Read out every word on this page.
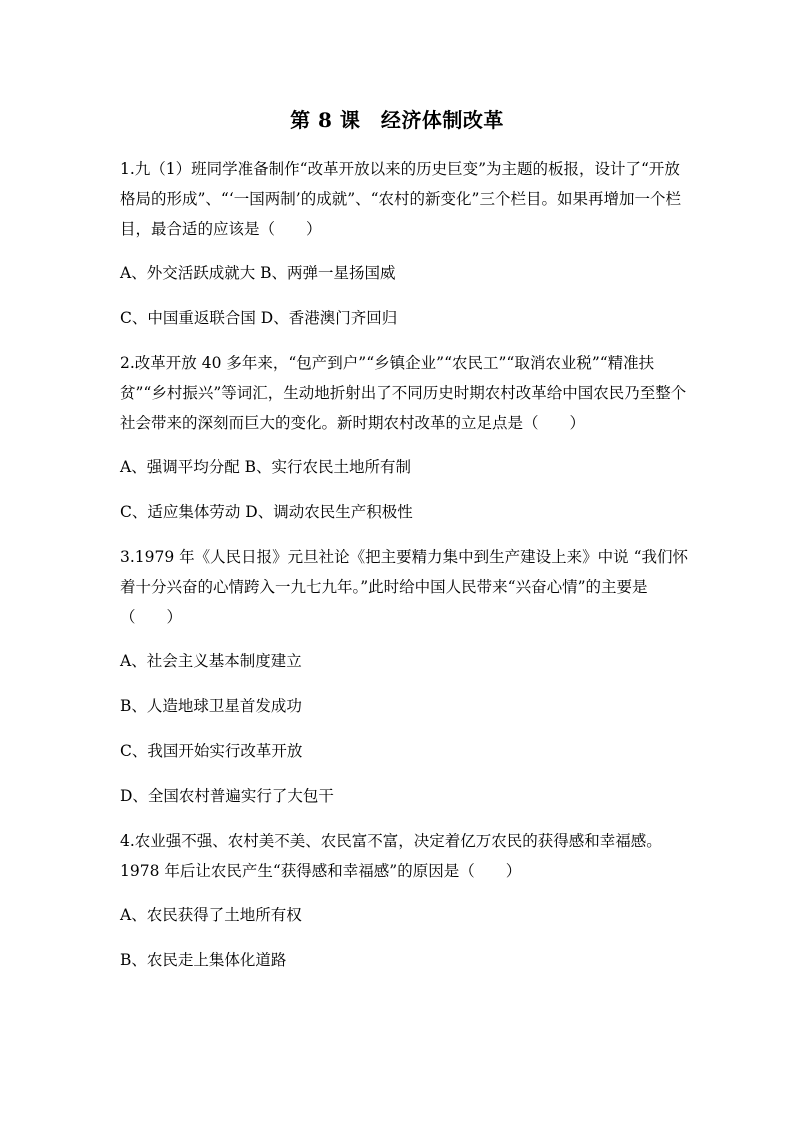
第 8 课　经济体制改革
1.九（1）班同学准备制作“改革开放以来的历史巨变”为主题的板报，设计了“开放格局的形成”、“‘一国两制’的成就”、“农村的新变化”三个栏目。如果再增加一个栏目，最合适的应该是（　　）
A、外交活跃成就大 B、两弹一星扬国威
C、中国重返联合国 D、香港澳门齐回归
2.改革开放 40 多年来，“包产到户”“乡镇企业”“农民工”“取消农业税”“精准扶贫”“乡村振兴”等词汇，生动地折射出了不同历史时期农村改革给中国农民乃至整个社会带来的深刻而巨大的变化。新时期农村改革的立足点是（　　）
A、强调平均分配 B、实行农民土地所有制
C、适应集体劳动 D、调动农民生产积极性
3.1979 年《人民日报》元旦社论《把主要精力集中到生产建设上来》中说 “我们怀着十分兴奋的心情跨入一九七九年。”此时给中国人民带来“兴奋心情”的主要是（　　）
A、社会主义基本制度建立
B、人造地球卫星首发成功
C、我国开始实行改革开放
D、全国农村普遍实行了大包干
4.农业强不强、农村美不美、农民富不富，决定着亿万农民的获得感和幸福感。1978 年后让农民产生“获得感和幸福感”的原因是（　　）
A、农民获得了土地所有权
B、农民走上集体化道路
